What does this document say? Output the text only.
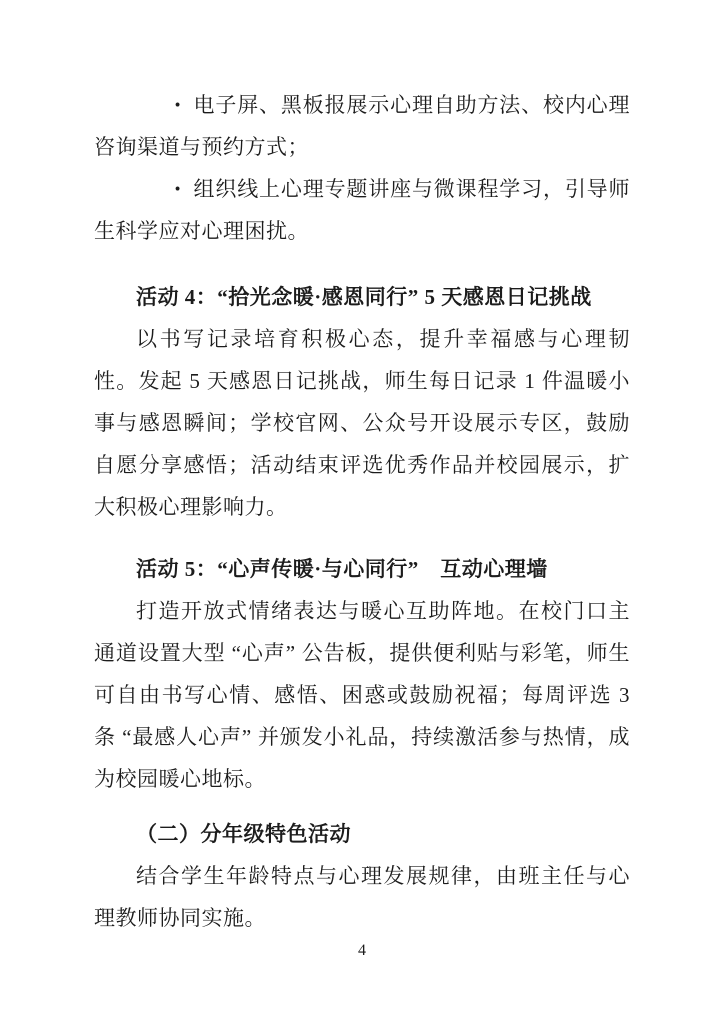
• 电子屏、黑板报展示心理自助方法、校内心理咨询渠道与预约方式；

• 组织线上心理专题讲座与微课程学习，引导师生科学应对心理困扰。

活动 4：“拾光念暖·感恩同行” 5 天感恩日记挑战

以书写记录培育积极心态，提升幸福感与心理韧性。发起 5 天感恩日记挑战，师生每日记录 1 件温暖小事与感恩瞬间；学校官网、公众号开设展示专区，鼓励自愿分享感悟；活动结束评选优秀作品并校园展示，扩大积极心理影响力。

活动 5：“心声传暖·与心同行”　互动心理墙

打造开放式情绪表达与暖心互助阵地。在校门口主通道设置大型 “心声” 公告板，提供便利贴与彩笔，师生可自由书写心情、感悟、困惑或鼓励祝福；每周评选 3 条 “最感人心声” 并颁发小礼品，持续激活参与热情，成为校园暖心地标。

（二）分年级特色活动

结合学生年龄特点与心理发展规律，由班主任与心理教师协同实施。

4
